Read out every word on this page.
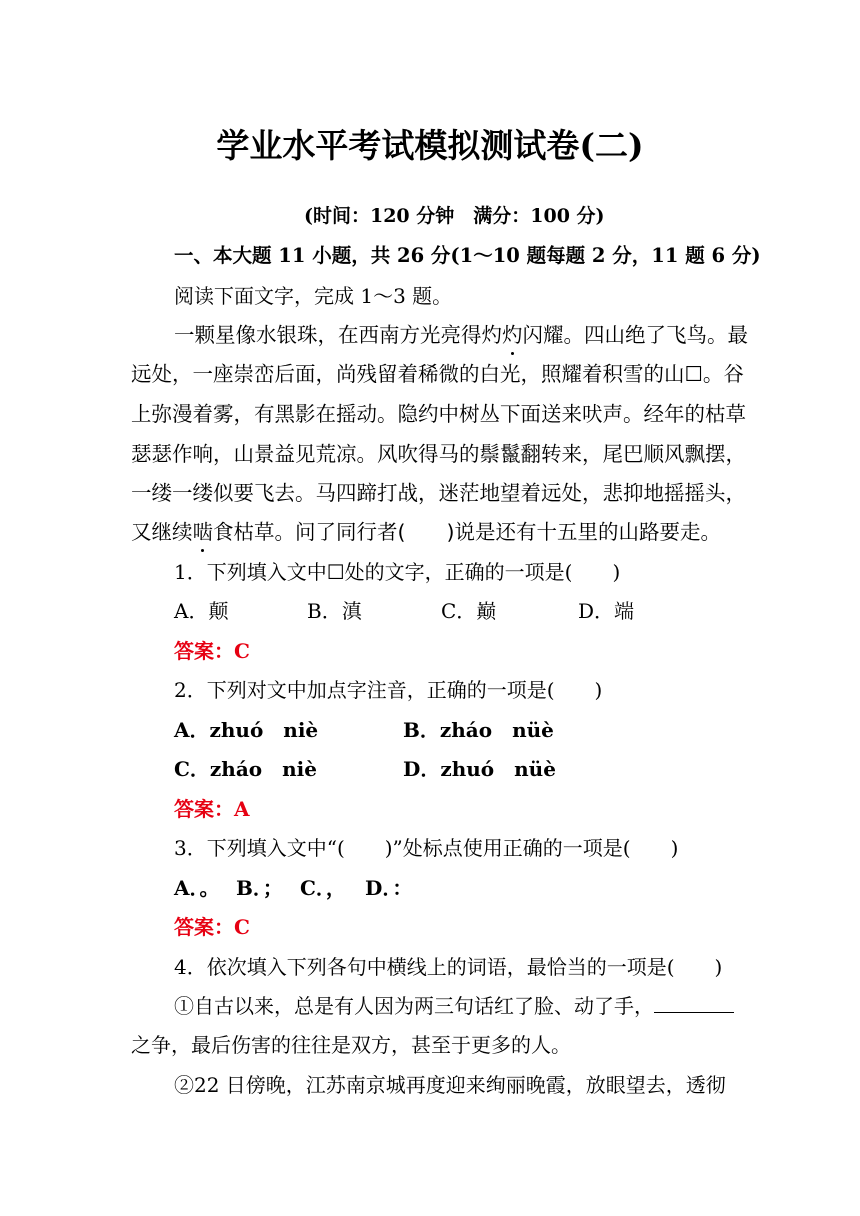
学业水平考试模拟测试卷(二)
(时间：120 分钟　满分：100 分)
一、本大题 11 小题，共 26 分(1～10 题每题 2 分，11 题 6 分)
阅读下面文字，完成 1～3 题。
一颗星像水银珠，在西南方光亮得灼灼闪耀。四山绝了飞鸟。最
远处，一座崇峦后面，尚残留着稀微的白光，照耀着积雪的山☐。谷
上弥漫着雾，有黑影在摇动。隐约中树丛下面送来吠声。经年的枯草
瑟瑟作响，山景益见荒凉。风吹得马的鬃鬣翻转来，尾巴顺风飘摆，
一缕一缕似要飞去。马四蹄打战，迷茫地望着远处，悲抑地摇摇头，
又继续啮食枯草。问了同行者(　　)说是还有十五里的山路要走。
1．下列填入文中☐处的文字，正确的一项是(　　)
A．颠	B．滇	C．巅	D．端
答案：C
2．下列对文中加点字注音，正确的一项是(　　)
A．zhuó　niè	B．zháo　nüè
C．zháo　niè	D．zhuó　nüè
答案：A
3．下列填入文中“(　　)”处标点使用正确的一项是(　　)
A．。 B．； C．， D．：
答案：C
4．依次填入下列各句中横线上的词语，最恰当的一项是(　　)
①自古以来，总是有人因为两三句话红了脸、动了手，
之争，最后伤害的往往是双方，甚至于更多的人。
②22 日傍晚，江苏南京城再度迎来绚丽晚霞，放眼望去，透彻
